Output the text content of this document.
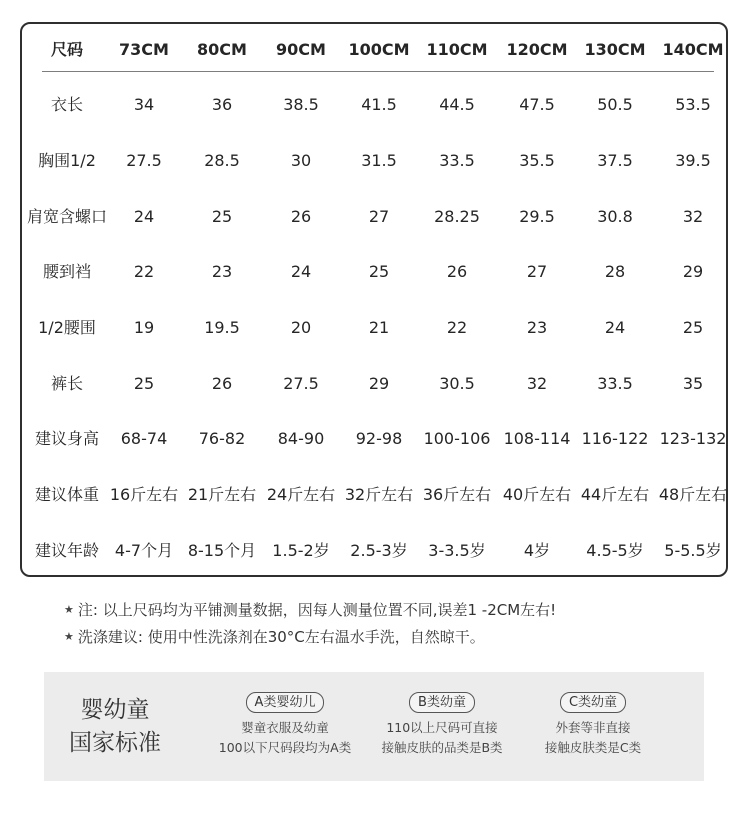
尺码 73CM 80CM 90CM 100CM 110CM 120CM 130CM 140CM
衣长	34	36	38.5	41.5	44.5	47.5	50.5	53.5
胸围1/2 27.5	28.5	30	31.5	33.5	35.5	37.5	39.5
肩宽含螺口 24	25	26	27	28.25 29.5	30.8	32
腰到裆	22	23	24	25	26	27	28	29
1/2腰围 19	19.5	20	21	22	23	24	25
裤长	25	26	27.5	29	30.5	32	33.5	35
建议身高 68-74 76-82 84-90 92-98 100-106 108-114 116-122 123-132
建议体重 16斤左右 21斤左右 24斤左右 32斤左右 36斤左右 40斤左右 44斤左右 48斤左右
建议年龄 4-7个月 8-15个月 1.5-2岁 2.5-3岁 3-3.5岁 4岁 4.5-5岁 5-5.5岁
★ 注: 以上尺码均为平铺测量数据，因每人测量位置不同,误差1 -2CM左右!
★ 洗涤建议: 使用中性洗涤剂在30°C左右温水手洗，自然晾干。
婴幼童
国家标准
A类婴幼儿
婴童衣服及幼童
100以下尺码段均为A类
B类幼童
110以上尺码可直接
接触皮肤的品类是B类
C类幼童
外套等非直接
接触皮肤类是C类
